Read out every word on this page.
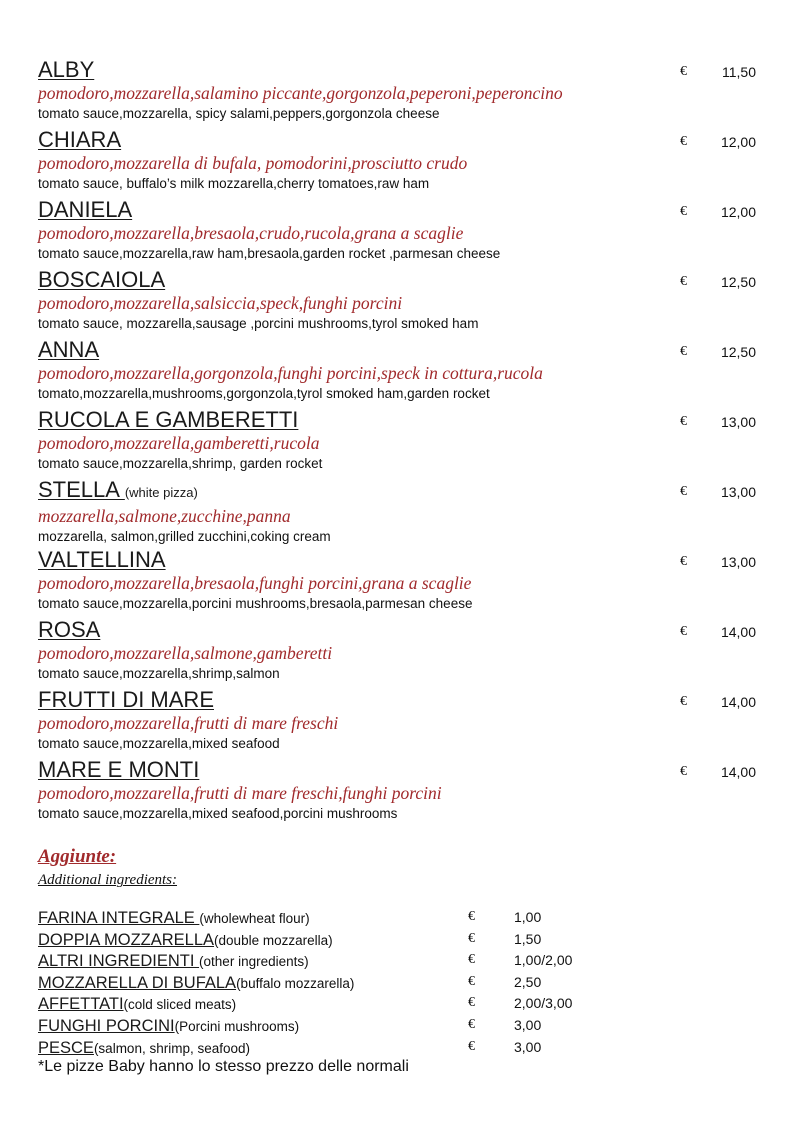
ALBY
pomodoro,mozzarella,salamino piccante,gorgonzola,peperoni,peperoncino
tomato sauce,mozzarella, spicy salami,peppers,gorgonzola cheese
€	11,50
CHIARA
pomodoro,mozzarella di bufala, pomodorini,prosciutto crudo
tomato sauce, buffalo’s milk mozzarella,cherry tomatoes,raw ham
€	12,00
DANIELA
pomodoro,mozzarella,bresaola,crudo,rucola,grana a scaglie
tomato sauce,mozzarella,raw ham,bresaola,garden rocket ,parmesan cheese
€	12,00
BOSCAIOLA
pomodoro,mozzarella,salsiccia,speck,funghi porcini
tomato sauce, mozzarella,sausage ,porcini mushrooms,tyrol smoked ham
€	12,50
ANNA
pomodoro,mozzarella,gorgonzola,funghi porcini,speck in cottura,rucola
tomato,mozzarella,mushrooms,gorgonzola,tyrol smoked ham,garden rocket
€	12,50
RUCOLA E GAMBERETTI
pomodoro,mozzarella,gamberetti,rucola
tomato sauce,mozzarella,shrimp, garden rocket
€	13,00
STELLA (white pizza)
mozzarella,salmone,zucchine,panna
mozzarella, salmon,grilled zucchini,coking cream
€	13,00
VALTELLINA
pomodoro,mozzarella,bresaola,funghi porcini,grana a scaglie
tomato sauce,mozzarella,porcini mushrooms,bresaola,parmesan cheese
€	13,00
ROSA
pomodoro,mozzarella,salmone,gamberetti
tomato sauce,mozzarella,shrimp,salmon
€	14,00
FRUTTI DI MARE
pomodoro,mozzarella,frutti di mare freschi
tomato sauce,mozzarella,mixed seafood
€	14,00
MARE E MONTI
pomodoro,mozzarella,frutti di mare freschi,funghi porcini
tomato sauce,mozzarella,mixed seafood,porcini mushrooms
€	14,00
Aggiunte:
Additional ingredients:
FARINA INTEGRALE (wholewheat flour)	€	1,00
DOPPIA MOZZARELLA(double mozzarella)	€	1,50
ALTRI INGREDIENTI (other ingredients)	€	1,00/2,00
MOZZARELLA DI BUFALA(buffalo mozzarella)	€	2,50
AFFETTATI(cold sliced meats)	€	2,00/3,00
FUNGHI PORCINI(Porcini mushrooms)	€	3,00
PESCE(salmon, shrimp, seafood)	€	3,00
*Le pizze Baby hanno lo stesso prezzo delle normali
